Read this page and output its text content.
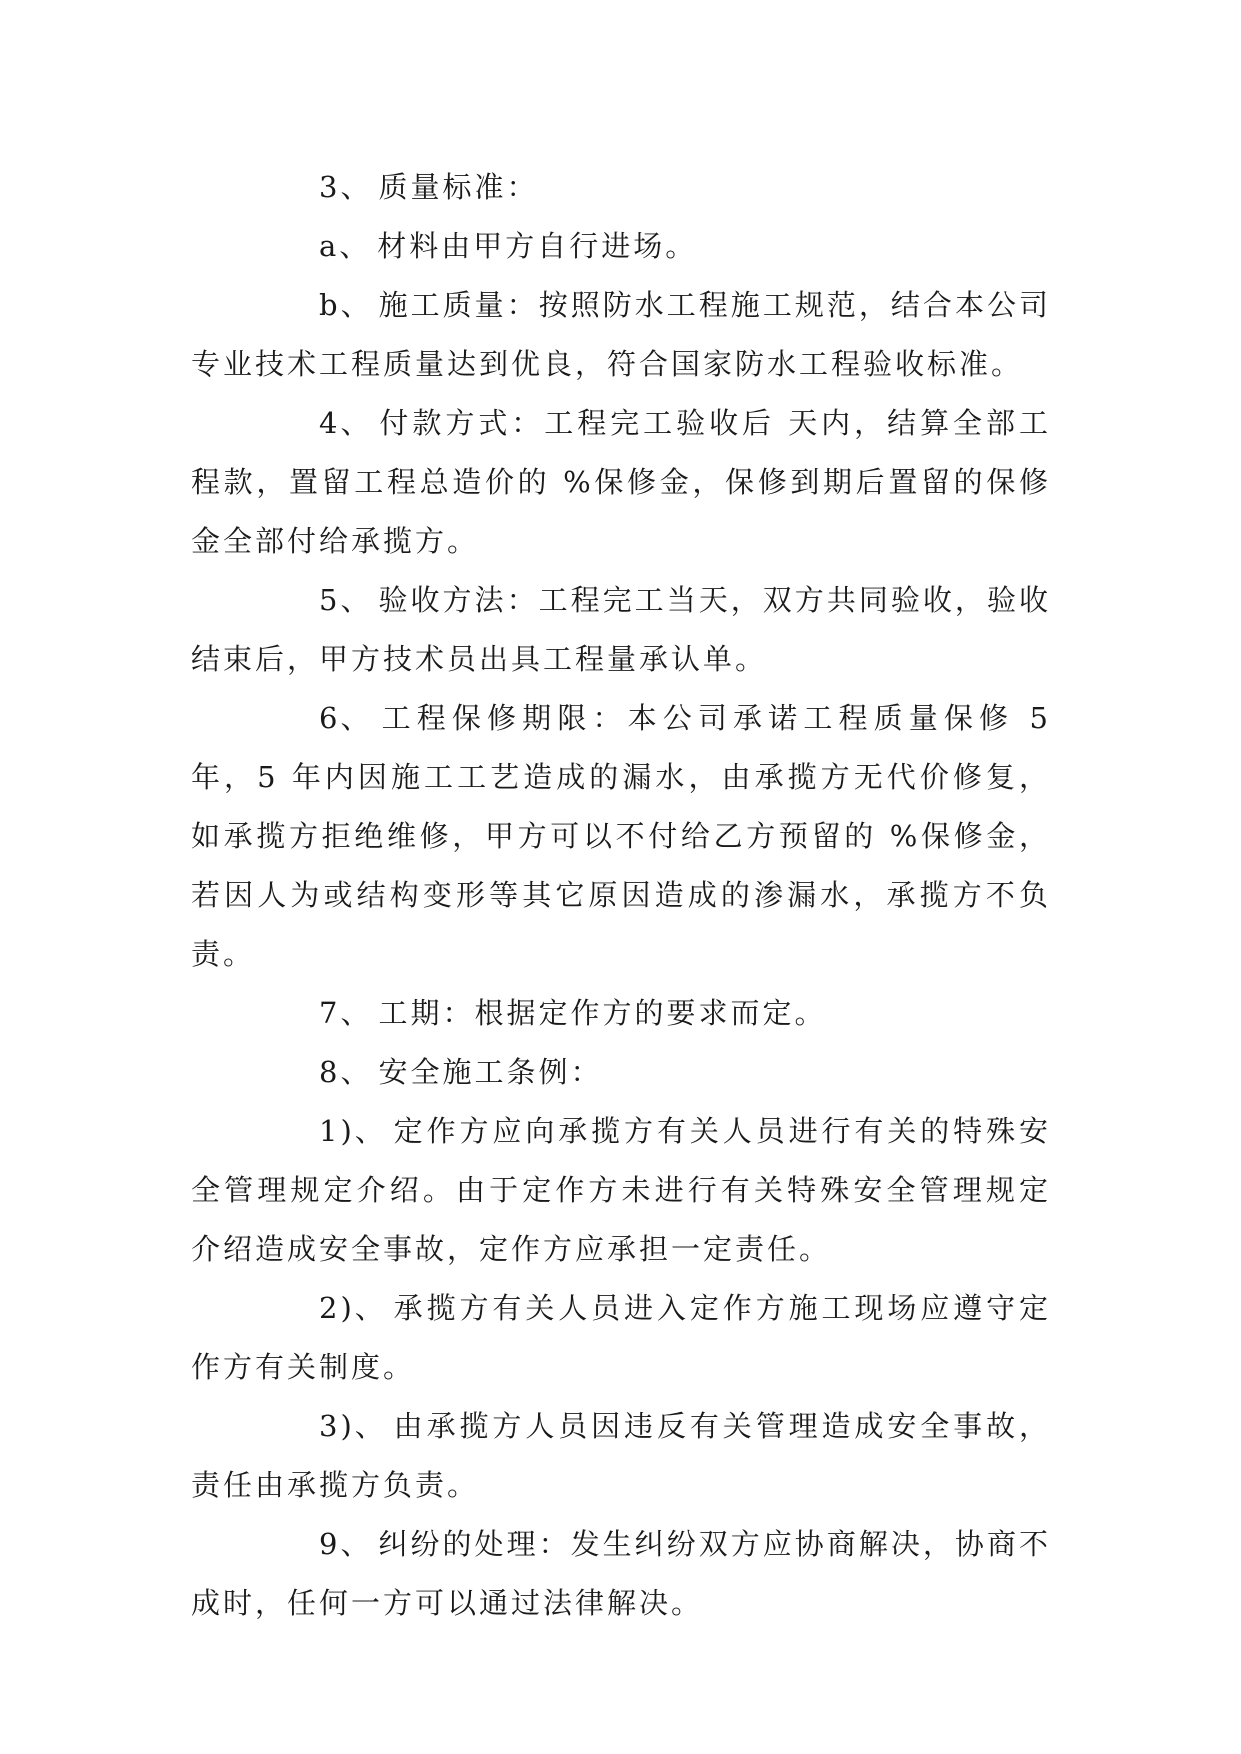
3、 质量标准：

a、 材料由甲方自行进场。

b、 施工质量：按照防水工程施工规范，结合本公司专业技术工程质量达到优良，符合国家防水工程验收标准。

4、 付款方式：工程完工验收后 天内，结算全部工程款，置留工程总造价的 %保修金，保修到期后置留的保修金全部付给承揽方。

5、 验收方法：工程完工当天，双方共同验收，验收结束后，甲方技术员出具工程量承认单。

6、 工程保修期限：本公司承诺工程质量保修 5 年，5 年内因施工工艺造成的漏水，由承揽方无代价修复，如承揽方拒绝维修，甲方可以不付给乙方预留的 %保修金，若因人为或结构变形等其它原因造成的渗漏水，承揽方不负责。

7、 工期：根据定作方的要求而定。

8、 安全施工条例：

1)、 定作方应向承揽方有关人员进行有关的特殊安全管理规定介绍。由于定作方未进行有关特殊安全管理规定介绍造成安全事故，定作方应承担一定责任。

2)、 承揽方有关人员进入定作方施工现场应遵守定作方有关制度。

3)、 由承揽方人员因违反有关管理造成安全事故，责任由承揽方负责。

9、 纠纷的处理：发生纠纷双方应协商解决，协商不成时，任何一方可以通过法律解决。
